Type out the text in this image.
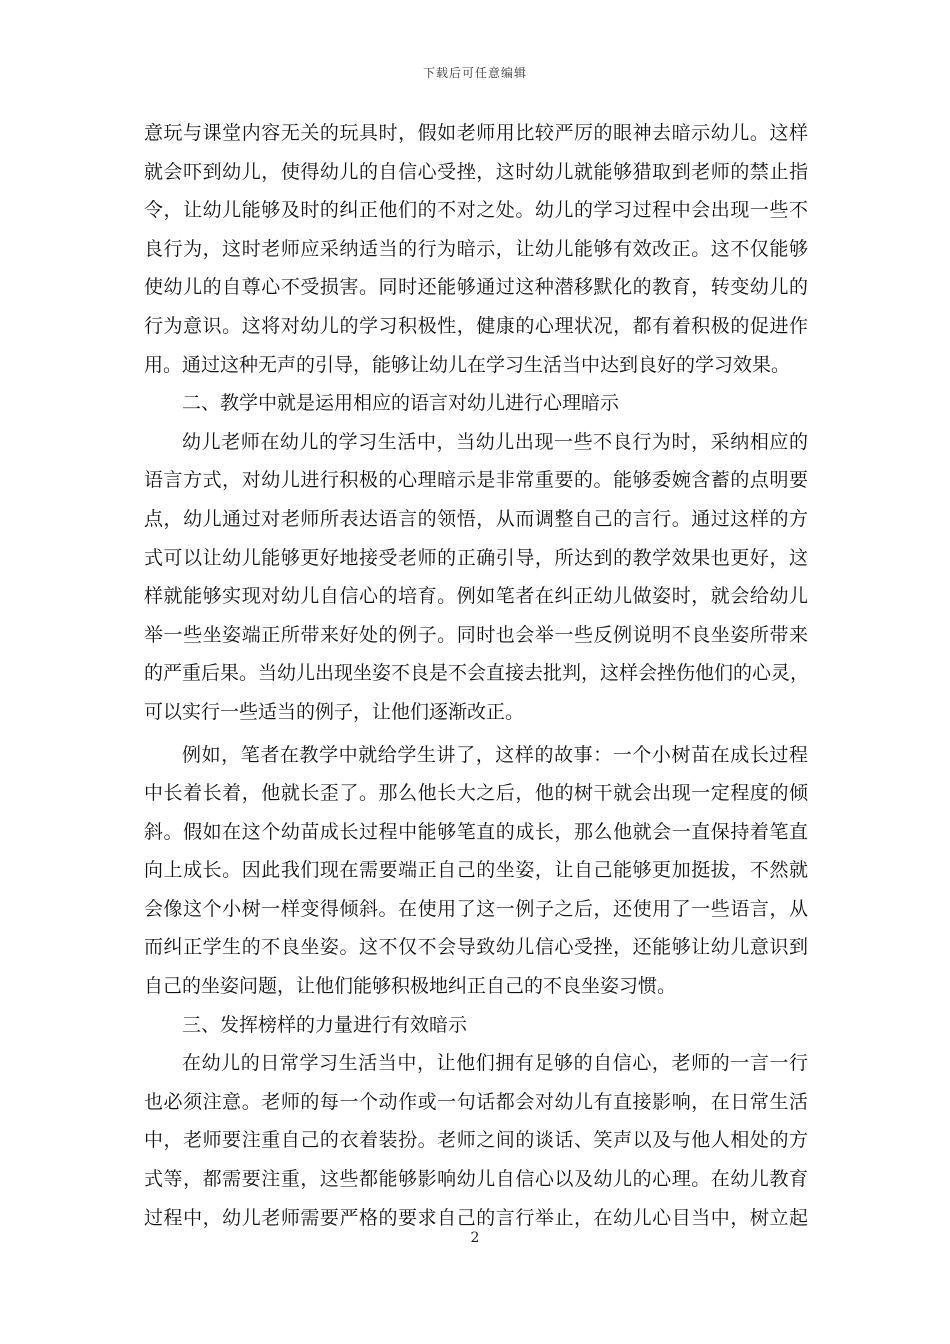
下载后可任意编辑
意玩与课堂内容无关的玩具时，假如老师用比较严厉的眼神去暗示幼儿。这样
就会吓到幼儿，使得幼儿的自信心受挫，这时幼儿就能够猎取到老师的禁止指
令，让幼儿能够及时的纠正他们的不对之处。幼儿的学习过程中会出现一些不
良行为，这时老师应采纳适当的行为暗示，让幼儿能够有效改正。这不仅能够
使幼儿的自尊心不受损害。同时还能够通过这种潜移默化的教育，转变幼儿的
行为意识。这将对幼儿的学习积极性，健康的心理状况，都有着积极的促进作
用。通过这种无声的引导，能够让幼儿在学习生活当中达到良好的学习效果。
二、教学中就是运用相应的语言对幼儿进行心理暗示
幼儿老师在幼儿的学习生活中，当幼儿出现一些不良行为时，采纳相应的
语言方式，对幼儿进行积极的心理暗示是非常重要的。能够委婉含蓄的点明要
点，幼儿通过对老师所表达语言的领悟，从而调整自己的言行。通过这样的方
式可以让幼儿能够更好地接受老师的正确引导，所达到的教学效果也更好，这
样就能够实现对幼儿自信心的培育。例如笔者在纠正幼儿做姿时，就会给幼儿
举一些坐姿端正所带来好处的例子。同时也会举一些反例说明不良坐姿所带来
的严重后果。当幼儿出现坐姿不良是不会直接去批判，这样会挫伤他们的心灵，
可以实行一些适当的例子，让他们逐渐改正。
例如，笔者在教学中就给学生讲了，这样的故事：一个小树苗在成长过程
中长着长着，他就长歪了。那么他长大之后，他的树干就会出现一定程度的倾
斜。假如在这个幼苗成长过程中能够笔直的成长，那么他就会一直保持着笔直
向上成长。因此我们现在需要端正自己的坐姿，让自己能够更加挺拔，不然就
会像这个小树一样变得倾斜。在使用了这一例子之后，还使用了一些语言，从
而纠正学生的不良坐姿。这不仅不会导致幼儿信心受挫，还能够让幼儿意识到
自己的坐姿问题，让他们能够积极地纠正自己的不良坐姿习惯。
三、发挥榜样的力量进行有效暗示
在幼儿的日常学习生活当中，让他们拥有足够的自信心，老师的一言一行
也必须注意。老师的每一个动作或一句话都会对幼儿有直接影响，在日常生活
中，老师要注重自己的衣着装扮。老师之间的谈话、笑声以及与他人相处的方
式等，都需要注重，这些都能够影响幼儿自信心以及幼儿的心理。在幼儿教育
过程中，幼儿老师需要严格的要求自己的言行举止，在幼儿心目当中，树立起
2
